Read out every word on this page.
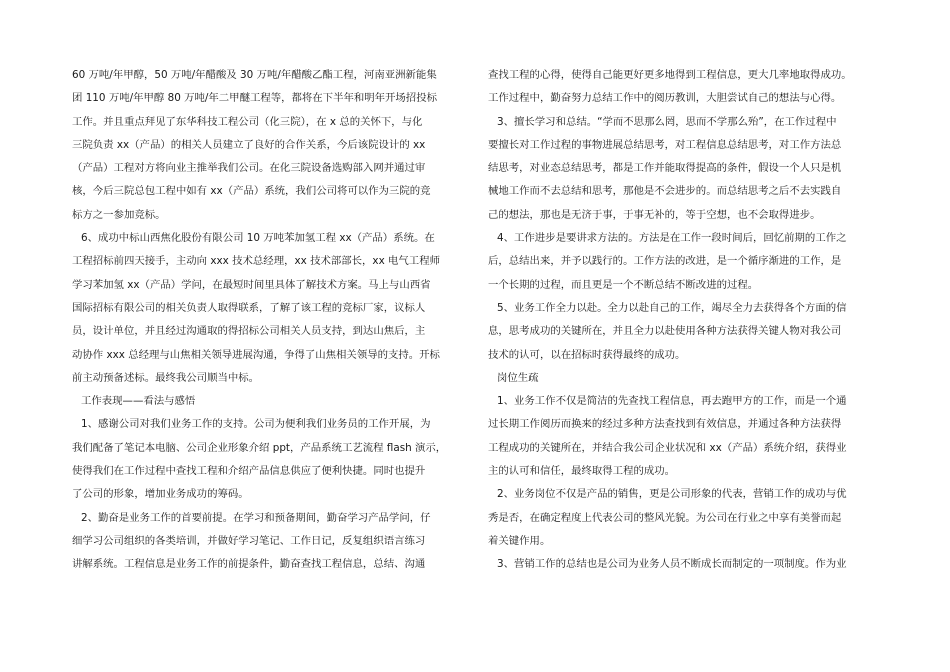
60 万吨/年甲醇，50 万吨/年醋酸及 30 万吨/年醋酸乙酯工程，河南亚洲新能集
团 110 万吨/年甲醇 80 万吨/年二甲醚工程等，都将在下半年和明年开场招投标
工作。并且重点拜见了东华科技工程公司（化三院），在 x 总的关怀下，与化
三院负责 xx（产品）的相关人员建立了良好的合作关系，今后该院设计的 xx
（产品）工程对方将向业主推举我们公司。在化三院设备选购部入网并通过审
核，今后三院总包工程中如有 xx（产品）系统，我们公司将可以作为三院的竞
标方之一参加竞标。
6、成功中标山西焦化股份有限公司 10 万吨苯加氢工程 xx（产品）系统。在
工程招标前四天接手，主动向 xxx 技术总经理，xx 技术部部长，xx 电气工程师
学习苯加氢 xx（产品）学问，在最短时间里具体了解技术方案。马上与山西省
国际招标有限公司的相关负责人取得联系，了解了该工程的竞标厂家，议标人
员，设计单位，并且经过沟通取的得招标公司相关人员支持，到达山焦后，主
动协作 xxx 总经理与山焦相关领导进展沟通，争得了山焦相关领导的支持。开标
前主动预备述标。最终我公司顺当中标。
工作表现——看法与感悟
1、感谢公司对我们业务工作的支持。公司为便利我们业务员的工作开展，为
我们配备了笔记本电脑、公司企业形象介绍 ppt，产品系统工艺流程 flash 演示，
使得我们在工作过程中查找工程和介绍产品信息供应了便利快捷。同时也提升
了公司的形象，增加业务成功的筹码。
2、勤奋是业务工作的首要前提。在学习和预备期间，勤奋学习产品学问，仔
细学习公司组织的各类培训，并做好学习笔记、工作日记，反复组织语言练习
讲解系统。工程信息是业务工作的前提条件，勤奋查找工程信息，总结、沟通
查找工程的心得，使得自己能更好更多地得到工程信息，更大几率地取得成功。
工作过程中，勤奋努力总结工作中的阅历教训，大胆尝试自己的想法与心得。
3、擅长学习和总结。“学而不思那么罔，思而不学那么殆”，在工作过程中
要擅长对工作过程的事物进展总结思考，对工程信息总结思考，对工作方法总
结思考，对业态总结思考，都是工作并能取得提高的条件，假设一个人只是机
械地工作而不去总结和思考，那他是不会进步的。而总结思考之后不去实践自
己的想法，那也是无济于事，于事无补的，等于空想，也不会取得进步。
4、工作进步是要讲求方法的。方法是在工作一段时间后，回忆前期的工作之
后，总结出来，并予以践行的。工作方法的改进，是一个循序渐进的工作，是
一个长期的过程，而且更是一个不断总结不断改进的过程。
5、业务工作全力以赴。全力以赴自己的工作，竭尽全力去获得各个方面的信
息，思考成功的关键所在，并且全力以赴使用各种方法获得关键人物对我公司
技术的认可，以在招标时获得最终的成功。
岗位生疏
1、业务工作不仅是简洁的先查找工程信息，再去跑甲方的工作，而是一个通
过长期工作阅历而换来的经过多种方法查找到有效信息，并通过各种方法获得
工程成功的关键所在，并结合我公司企业状况和 xx（产品）系统介绍，获得业
主的认可和信任，最终取得工程的成功。
2、业务岗位不仅是产品的销售，更是公司形象的代表，营销工作的成功与优
秀是否，在确定程度上代表公司的整风光貌。为公司在行业之中享有美誉而起
着关键作用。
3、营销工作的总结也是公司为业务人员不断成长而制定的一项制度。作为业
